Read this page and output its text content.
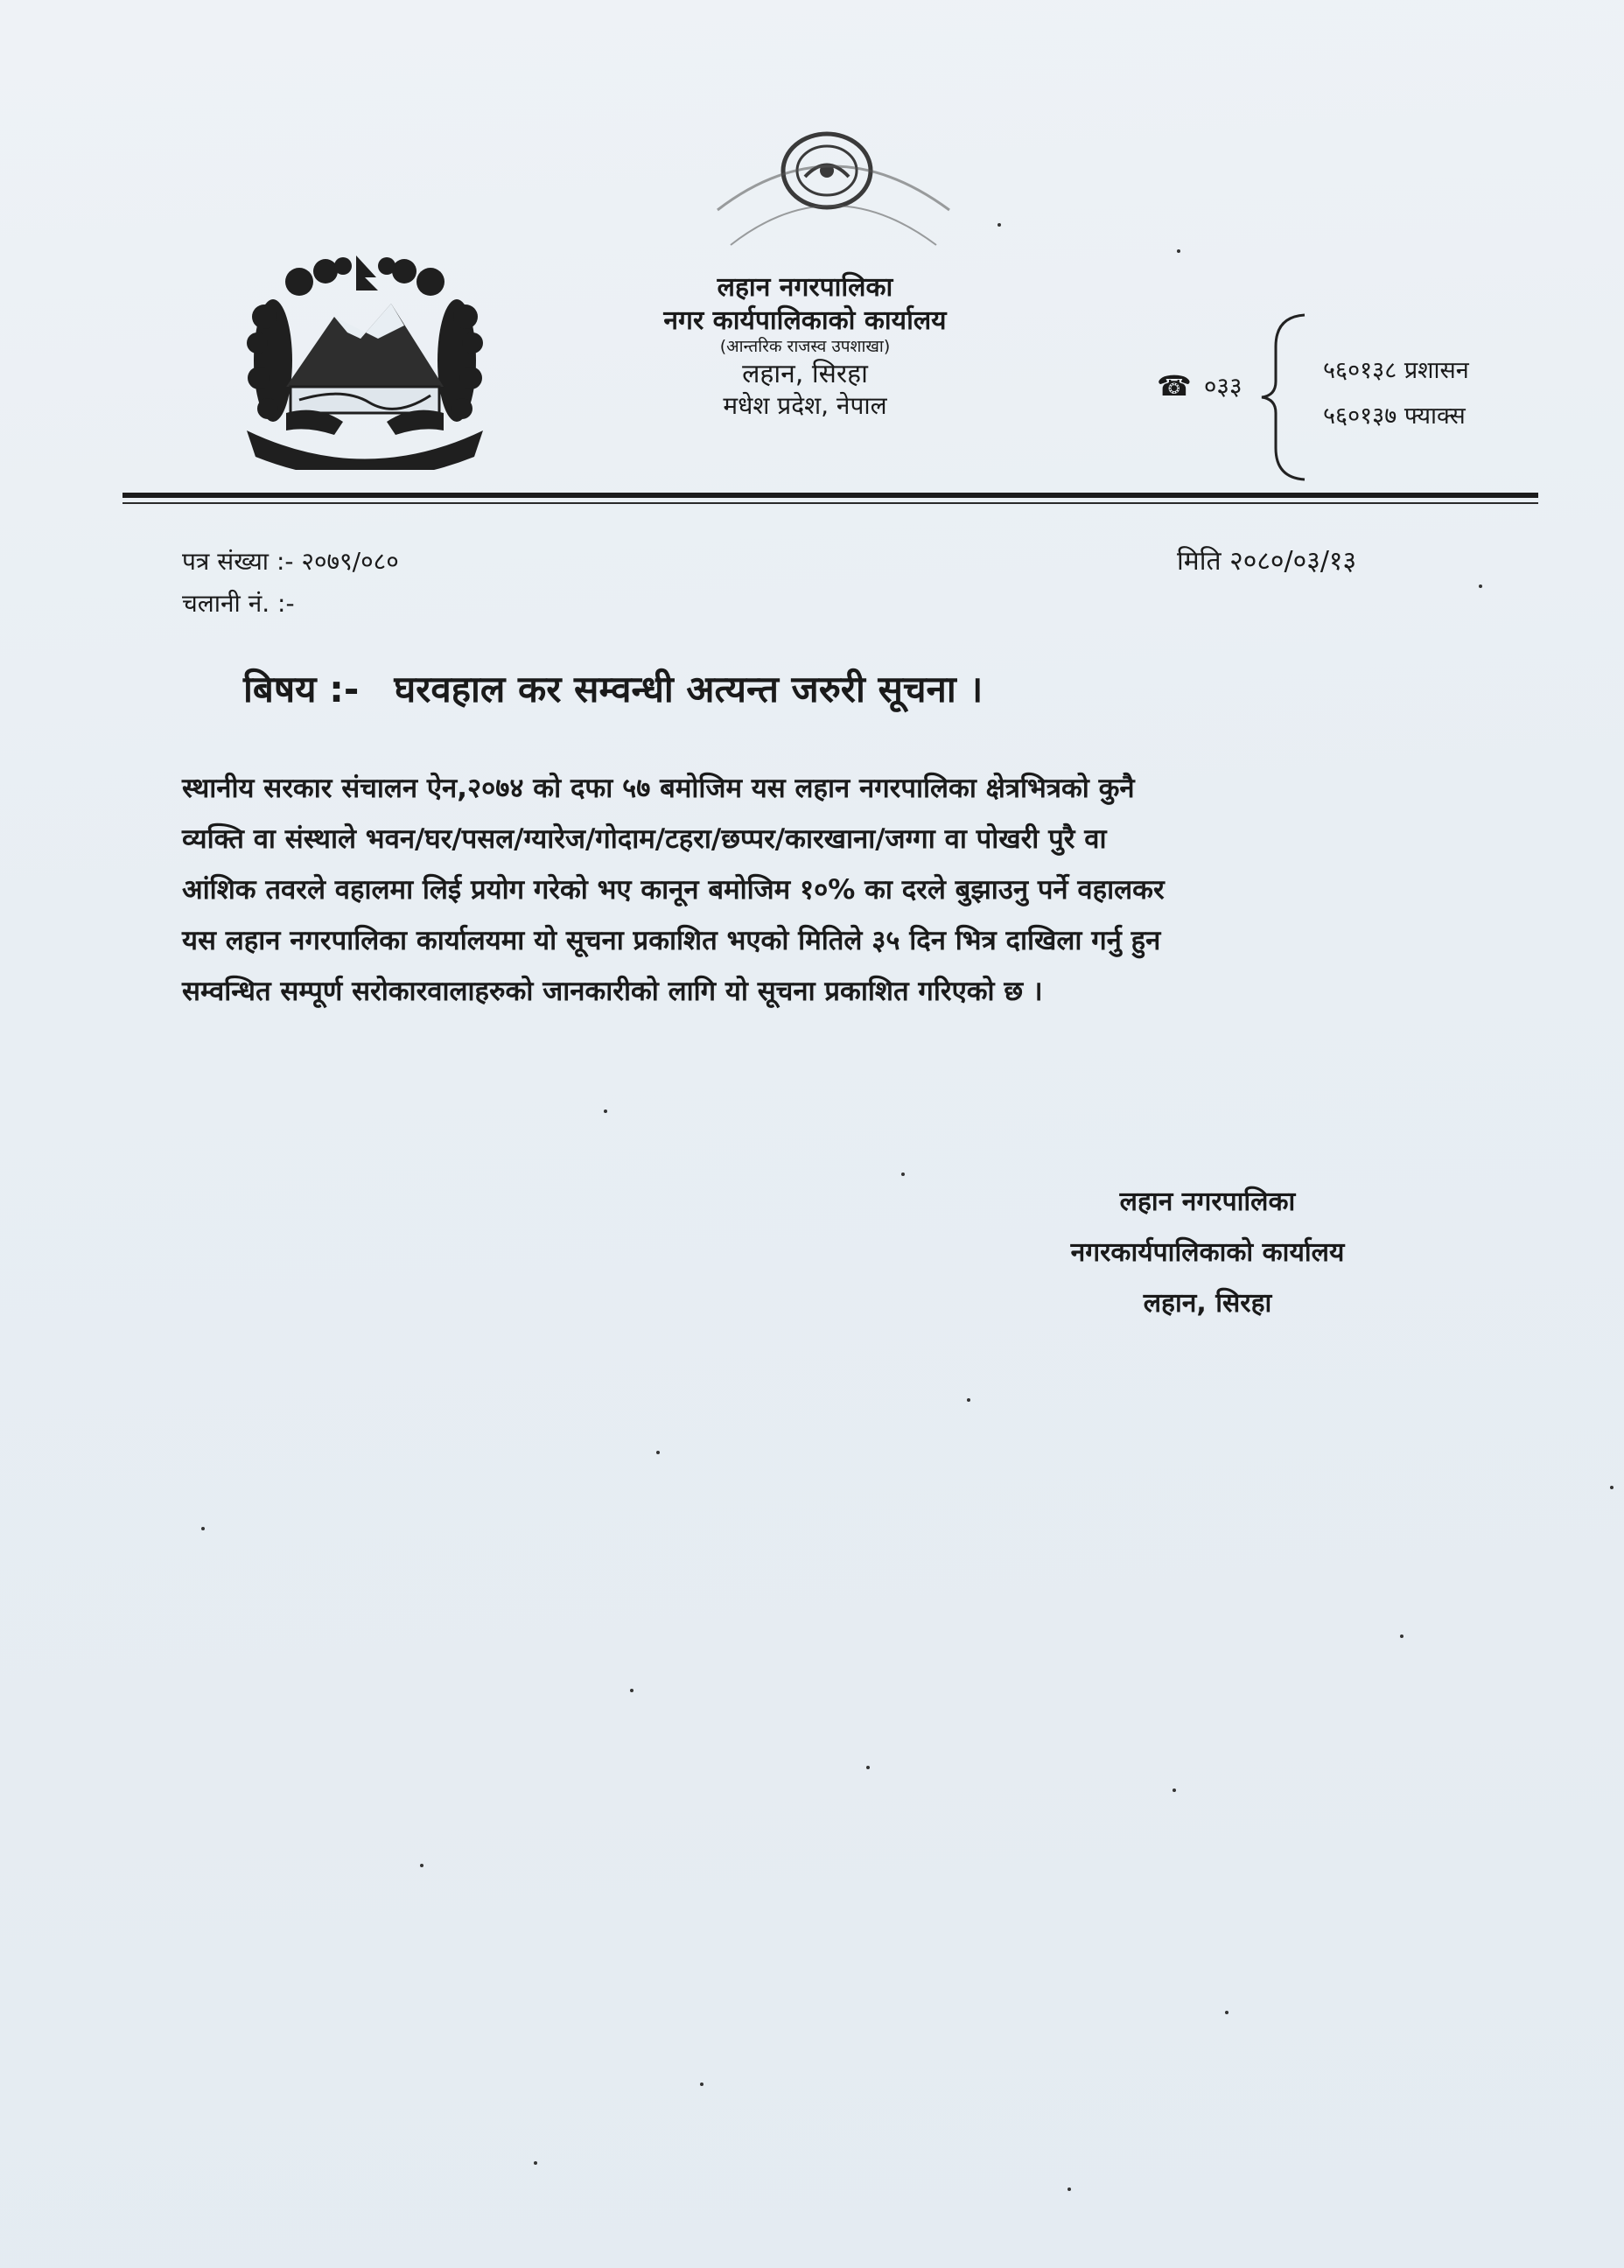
लहान नगरपालिका
नगर कार्यपालिकाको कार्यालय
(आन्तरिक राजस्व उपशाखा)
लहान, सिरहा
मधेश प्रदेश, नेपाल
☎ ०३३
५६०१३८ प्रशासन
५६०१३७ फ्याक्स
पत्र संख्या :- २०७९/०८०
चलानी नं. :-
मिति २०८०/०३/१३
बिषय :- घरवहाल कर सम्वन्धी अत्यन्त जरुरी सूचना ।
स्थानीय सरकार संचालन ऐन,२०७४ को दफा ५७ बमोजिम यस लहान नगरपालिका क्षेत्रभित्रको कुनै
व्यक्ति वा संस्थाले भवन/घर/पसल/ग्यारेज/गोदाम/टहरा/छप्पर/कारखाना/जग्गा वा पोखरी पुरै वा
आंशिक तवरले वहालमा लिई प्रयोग गरेको भए कानून बमोजिम १०% का दरले बुझाउनु पर्ने वहालकर
यस लहान नगरपालिका कार्यालयमा यो सूचना प्रकाशित भएको मितिले ३५ दिन भित्र दाखिला गर्नु हुन
सम्वन्धित सम्पूर्ण सरोकारवालाहरुको जानकारीको लागि यो सूचना प्रकाशित गरिएको छ ।
लहान नगरपालिका
नगरकार्यपालिकाको कार्यालय
लहान, सिरहा
